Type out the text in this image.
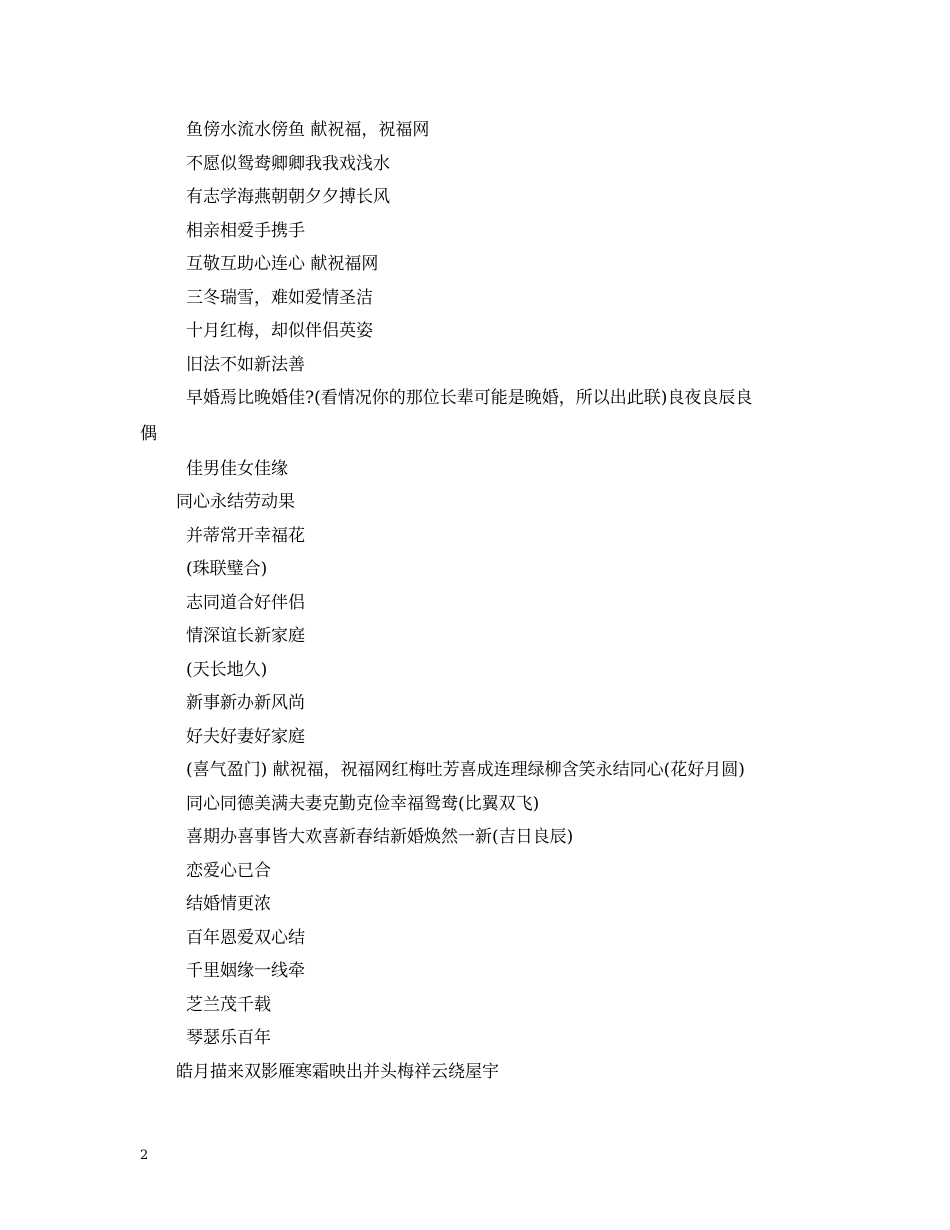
鱼傍水流水傍鱼 献祝福，祝福网
不愿似鸳鸯卿卿我我戏浅水
有志学海燕朝朝夕夕搏长风
相亲相爱手携手
互敬互助心连心 献祝福网
三冬瑞雪，难如爱情圣洁
十月红梅，却似伴侣英姿
旧法不如新法善
早婚焉比晚婚佳?(看情况你的那位长辈可能是晚婚，所以出此联)良夜良辰良
偶
佳男佳女佳缘
同心永结劳动果
并蒂常开幸福花
(珠联璧合)
志同道合好伴侣
情深谊长新家庭
(天长地久)
新事新办新风尚
好夫好妻好家庭
(喜气盈门) 献祝福，祝福网红梅吐芳喜成连理绿柳含笑永结同心(花好月圆)
同心同德美满夫妻克勤克俭幸福鸳鸯(比翼双飞)
喜期办喜事皆大欢喜新春结新婚焕然一新(吉日良辰)
恋爱心已合
结婚情更浓
百年恩爱双心结
千里姻缘一线牵
芝兰茂千载
琴瑟乐百年
皓月描来双影雁寒霜映出并头梅祥云绕屋宇
2
